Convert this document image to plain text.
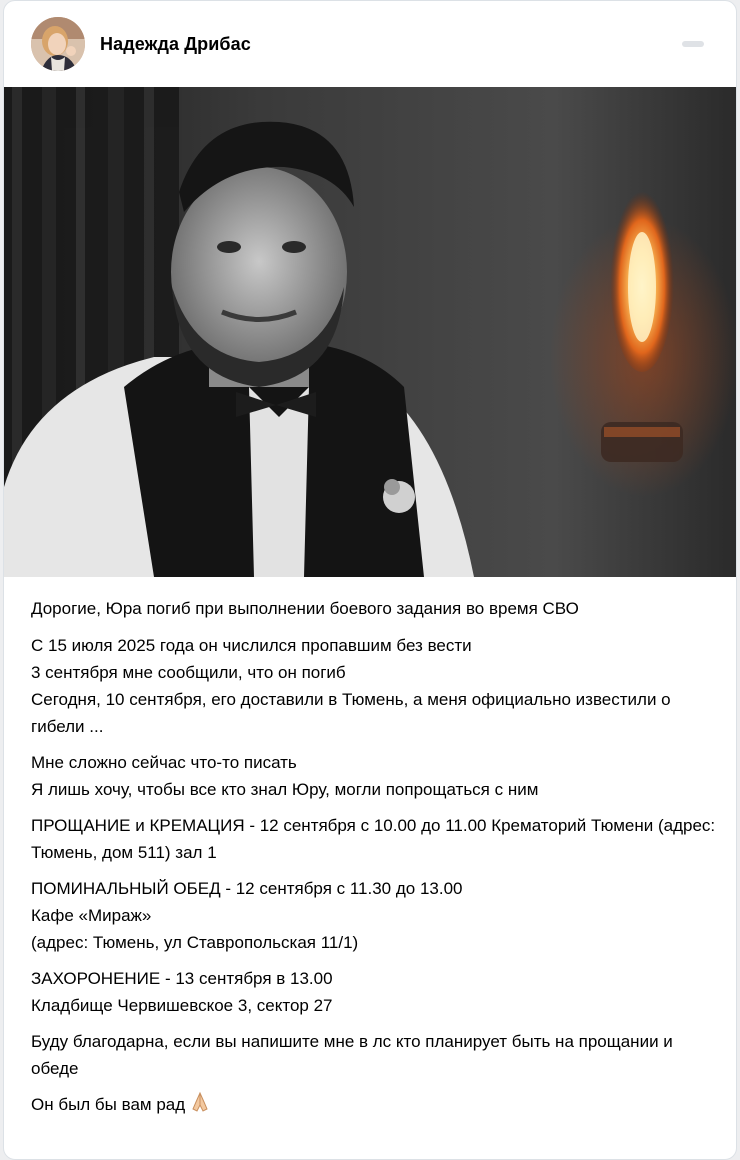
Надежда Дрибас

Дорогие, Юра погиб при выполнении боевого задания во время СВО

С 15 июля 2025 года он числился пропавшим без вести
3 сентября мне сообщили, что он погиб
Сегодня, 10 сентября, его доставили в Тюмень, а меня официально известили о гибели ...

Мне сложно сейчас что-то писать
Я лишь хочу, чтобы все кто знал Юру, могли попрощаться с ним

ПРОЩАНИЕ и КРЕМАЦИЯ - 12 сентября с 10.00 до 11.00 Крематорий Тюмени (адрес: Тюмень, дом 511) зал 1

ПОМИНАЛЬНЫЙ ОБЕД - 12 сентября с 11.30 до 13.00
Кафе «Мираж»
(адрес: Тюмень, ул Ставропольская 11/1)

ЗАХОРОНЕНИЕ - 13 сентября в 13.00
Кладбище Червишевское 3, сектор 27

Буду благодарна, если вы напишите мне в лс кто планирует быть на прощании и обеде

Он был бы вам рад
